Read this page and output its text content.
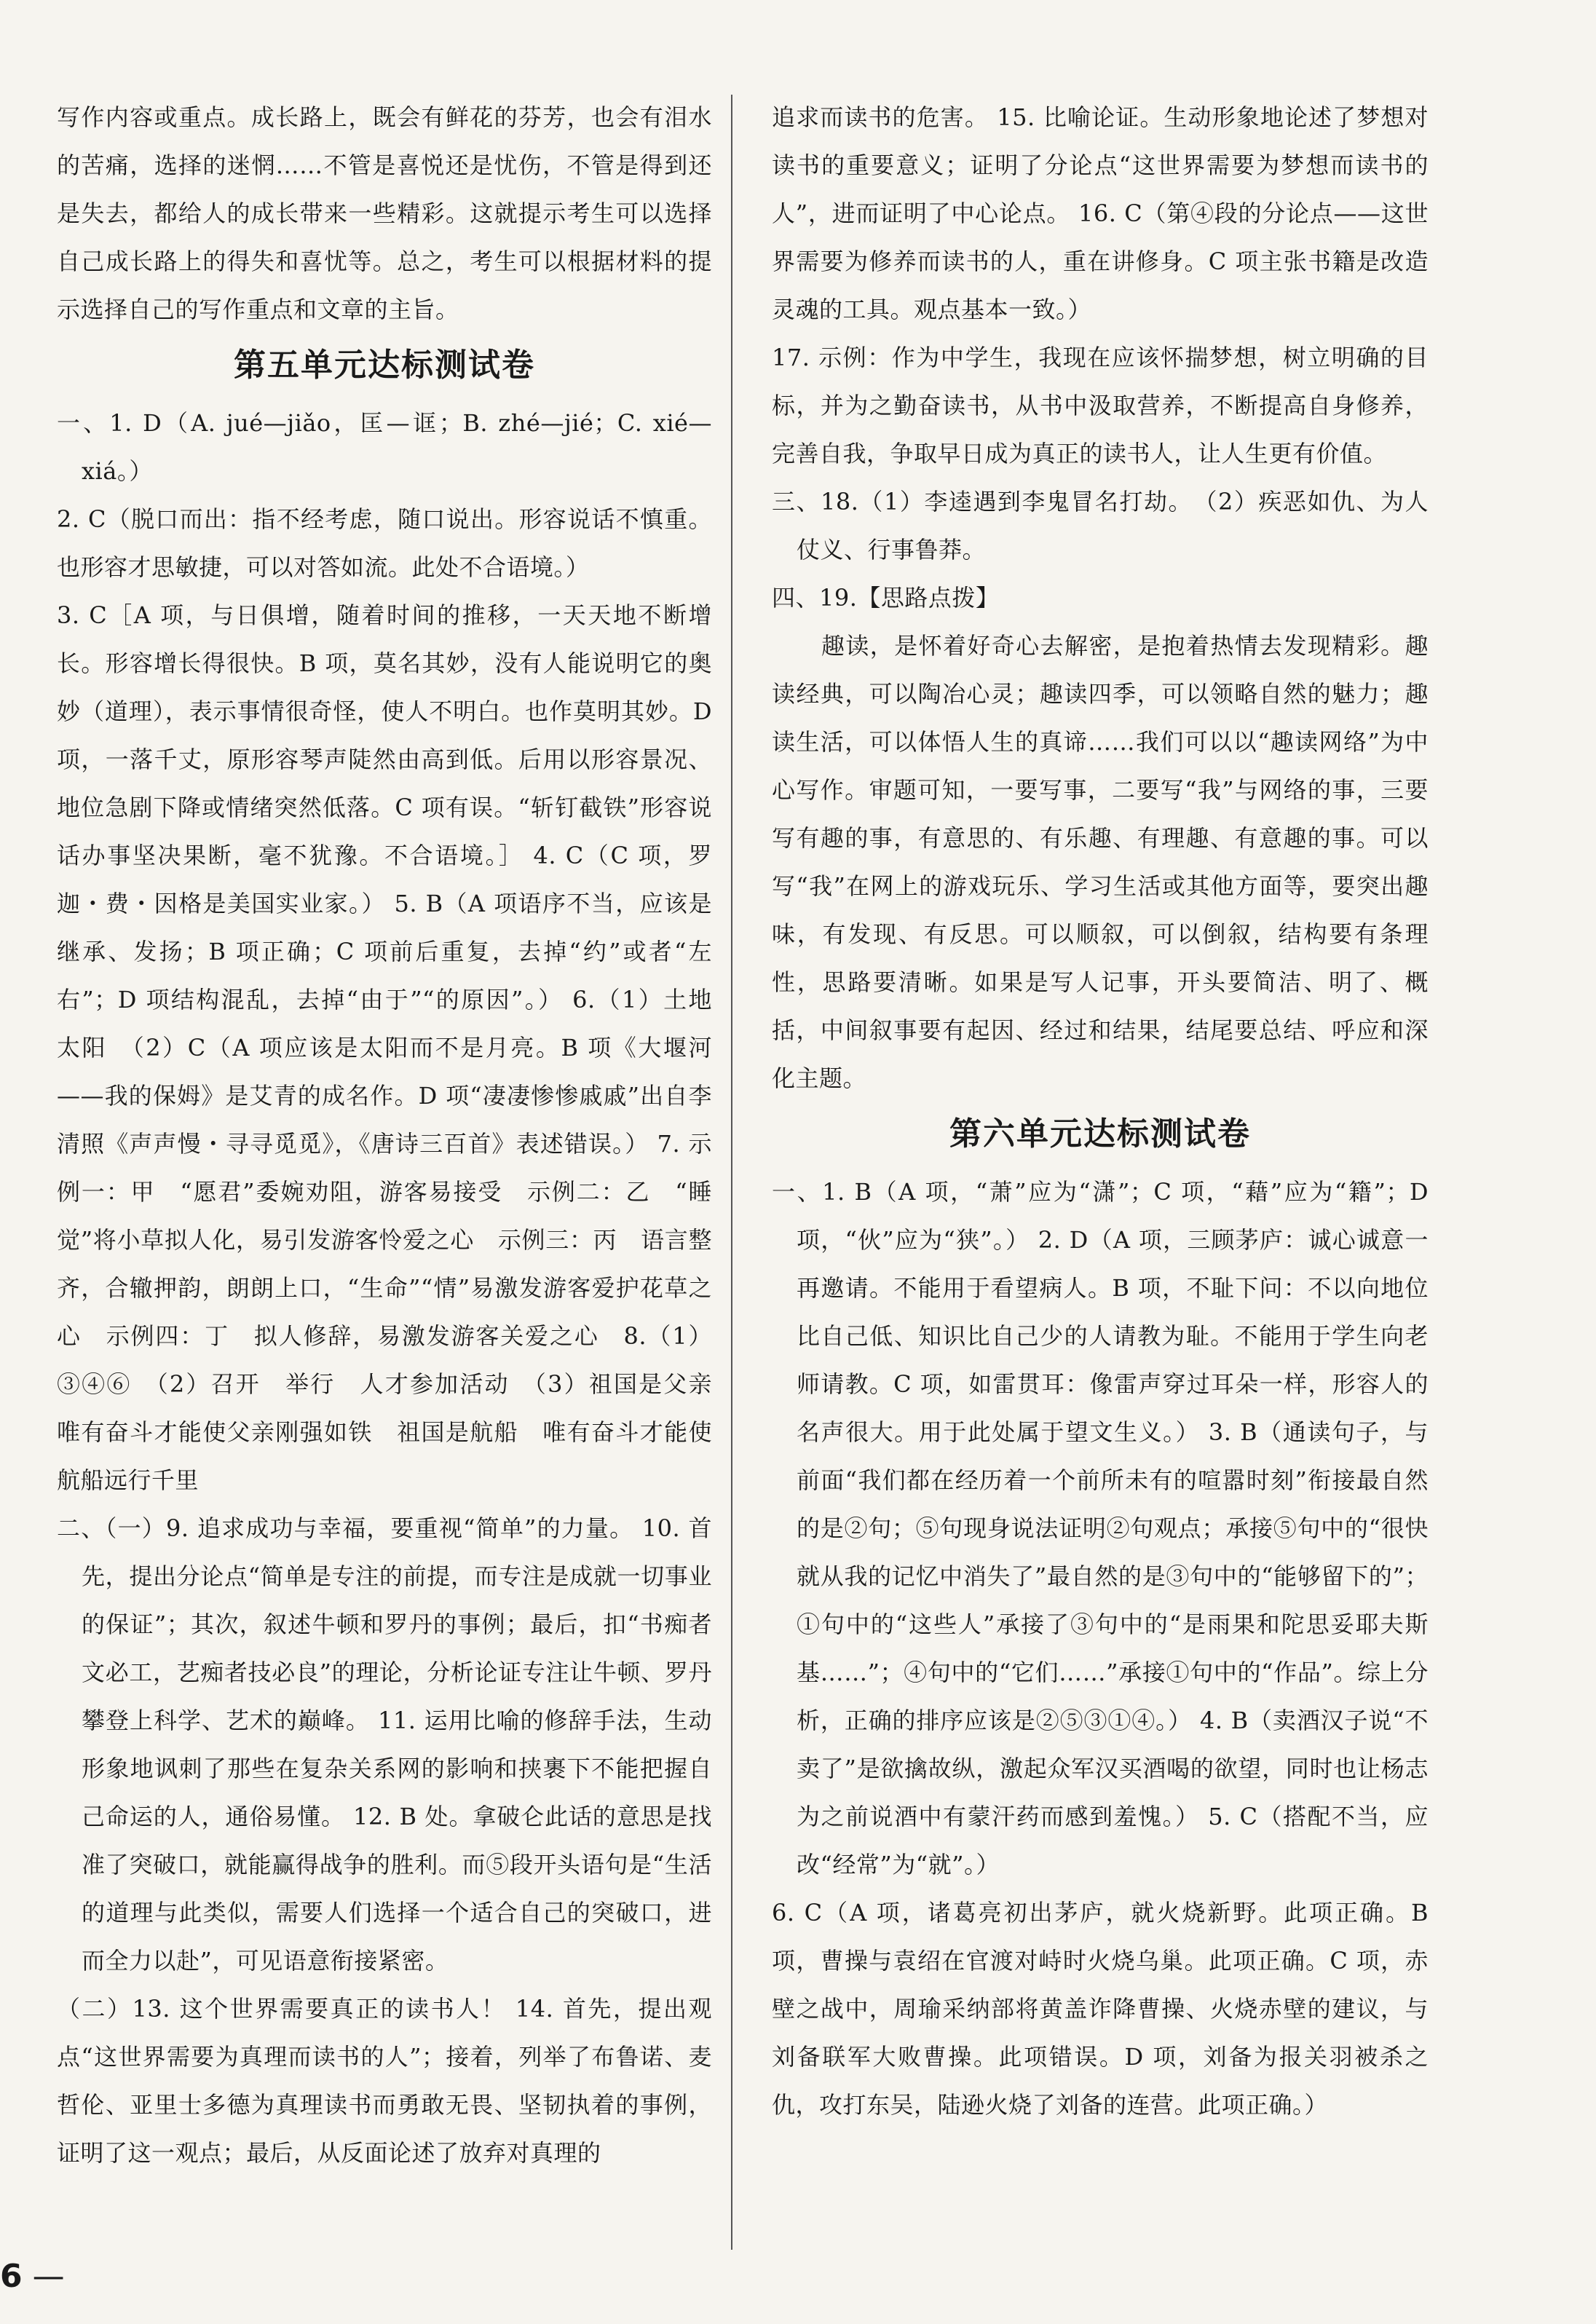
写作内容或重点。成长路上，既会有鲜花的芬芳，也会有泪水的苦痛，选择的迷惘……不管是喜悦还是忧伤，不管是得到还是失去，都给人的成长带来一些精彩。这就提示考生可以选择自己成长路上的得失和喜忧等。总之，考生可以根据材料的提示选择自己的写作重点和文章的主旨。

第五单元达标测试卷

一、1. D（A. jué—jiǎo，匡—诓；B. zhé—jié；C. xié—xiá。）

2. C（脱口而出：指不经考虑，随口说出。形容说话不慎重。也形容才思敏捷，可以对答如流。此处不合语境。）

3. C［A 项，与日俱增，随着时间的推移，一天天地不断增长。形容增长得很快。B 项，莫名其妙，没有人能说明它的奥妙（道理），表示事情很奇怪，使人不明白。也作莫明其妙。D 项，一落千丈，原形容琴声陡然由高到低。后用以形容景况、地位急剧下降或情绪突然低落。C 项有误。“斩钉截铁”形容说话办事坚决果断，毫不犹豫。不合语境。］ 4. C（C 项，罗迦・费・因格是美国实业家。） 5. B（A 项语序不当，应该是继承、发扬；B 项正确；C 项前后重复，去掉“约”或者“左右”；D 项结构混乱，去掉“由于”“的原因”。） 6.（1）土地　太阳　（2）C（A 项应该是太阳而不是月亮。B 项《大堰河——我的保姆》是艾青的成名作。D 项“凄凄惨惨戚戚”出自李清照《声声慢・寻寻觅觅》，《唐诗三百首》表述错误。） 7. 示例一：甲　“愿君”委婉劝阻，游客易接受　示例二：乙　“睡觉”将小草拟人化，易引发游客怜爱之心　示例三：丙　语言整齐，合辙押韵，朗朗上口，“生命”“情”易激发游客爱护花草之心　示例四：丁　拟人修辞，易激发游客关爱之心　8.（1）③④⑥　（2）召开　举行　人才参加活动　（3）祖国是父亲　唯有奋斗才能使父亲刚强如铁　祖国是航船　唯有奋斗才能使航船远行千里

二、（一）9. 追求成功与幸福，要重视“简单”的力量。 10. 首先，提出分论点“简单是专注的前提，而专注是成就一切事业的保证”；其次，叙述牛顿和罗丹的事例；最后，扣“书痴者文必工，艺痴者技必良”的理论，分析论证专注让牛顿、罗丹攀登上科学、艺术的巅峰。 11. 运用比喻的修辞手法，生动形象地讽刺了那些在复杂关系网的影响和挟裹下不能把握自己命运的人，通俗易懂。 12. B 处。拿破仑此话的意思是找准了突破口，就能赢得战争的胜利。而⑤段开头语句是“生活的道理与此类似，需要人们选择一个适合自己的突破口，进而全力以赴”，可见语意衔接紧密。

（二）13. 这个世界需要真正的读书人！ 14. 首先，提出观点“这世界需要为真理而读书的人”；接着，列举了布鲁诺、麦哲伦、亚里士多德为真理读书而勇敢无畏、坚韧执着的事例，证明了这一观点；最后，从反面论述了放弃对真理的

追求而读书的危害。 15. 比喻论证。生动形象地论述了梦想对读书的重要意义；证明了分论点“这世界需要为梦想而读书的人”，进而证明了中心论点。 16. C（第④段的分论点——这世界需要为修养而读书的人，重在讲修身。C 项主张书籍是改造灵魂的工具。观点基本一致。）

17. 示例：作为中学生，我现在应该怀揣梦想，树立明确的目标，并为之勤奋读书，从书中汲取营养，不断提高自身修养，完善自我，争取早日成为真正的读书人，让人生更有价值。

三、18.（1）李逵遇到李鬼冒名打劫。　（2）疾恶如仇、为人仗义、行事鲁莽。

四、19.【思路点拨】

趣读，是怀着好奇心去解密，是抱着热情去发现精彩。趣读经典，可以陶冶心灵；趣读四季，可以领略自然的魅力；趣读生活，可以体悟人生的真谛……我们可以以“趣读网络”为中心写作。审题可知，一要写事，二要写“我”与网络的事，三要写有趣的事，有意思的、有乐趣、有理趣、有意趣的事。可以写“我”在网上的游戏玩乐、学习生活或其他方面等，要突出趣味，有发现、有反思。可以顺叙，可以倒叙，结构要有条理性，思路要清晰。如果是写人记事，开头要简洁、明了、概括，中间叙事要有起因、经过和结果，结尾要总结、呼应和深化主题。

第六单元达标测试卷

一、1. B（A 项，“萧”应为“潇”；C 项，“藉”应为“籍”；D 项，“伙”应为“狭”。） 2. D（A 项，三顾茅庐：诚心诚意一再邀请。不能用于看望病人。B 项，不耻下问：不以向地位比自己低、知识比自己少的人请教为耻。不能用于学生向老师请教。C 项，如雷贯耳：像雷声穿过耳朵一样，形容人的名声很大。用于此处属于望文生义。） 3. B（通读句子，与前面“我们都在经历着一个前所未有的喧嚣时刻”衔接最自然的是②句；⑤句现身说法证明②句观点；承接⑤句中的“很快就从我的记忆中消失了”最自然的是③句中的“能够留下的”；①句中的“这些人”承接了③句中的“是雨果和陀思妥耶夫斯基……”；④句中的“它们……”承接①句中的“作品”。综上分析，正确的排序应该是②⑤③①④。） 4. B（卖酒汉子说“不卖了”是欲擒故纵，激起众军汉买酒喝的欲望，同时也让杨志为之前说酒中有蒙汗药而感到羞愧。） 5. C（搭配不当，应改“经常”为“就”。）

6. C（A 项，诸葛亮初出茅庐，就火烧新野。此项正确。B 项，曹操与袁绍在官渡对峙时火烧乌巢。此项正确。C 项，赤壁之战中，周瑜采纳部将黄盖诈降曹操、火烧赤壁的建议，与刘备联军大败曹操。此项错误。D 项，刘备为报关羽被杀之仇，攻打东吴，陆逊火烧了刘备的连营。此项正确。）

6 —
